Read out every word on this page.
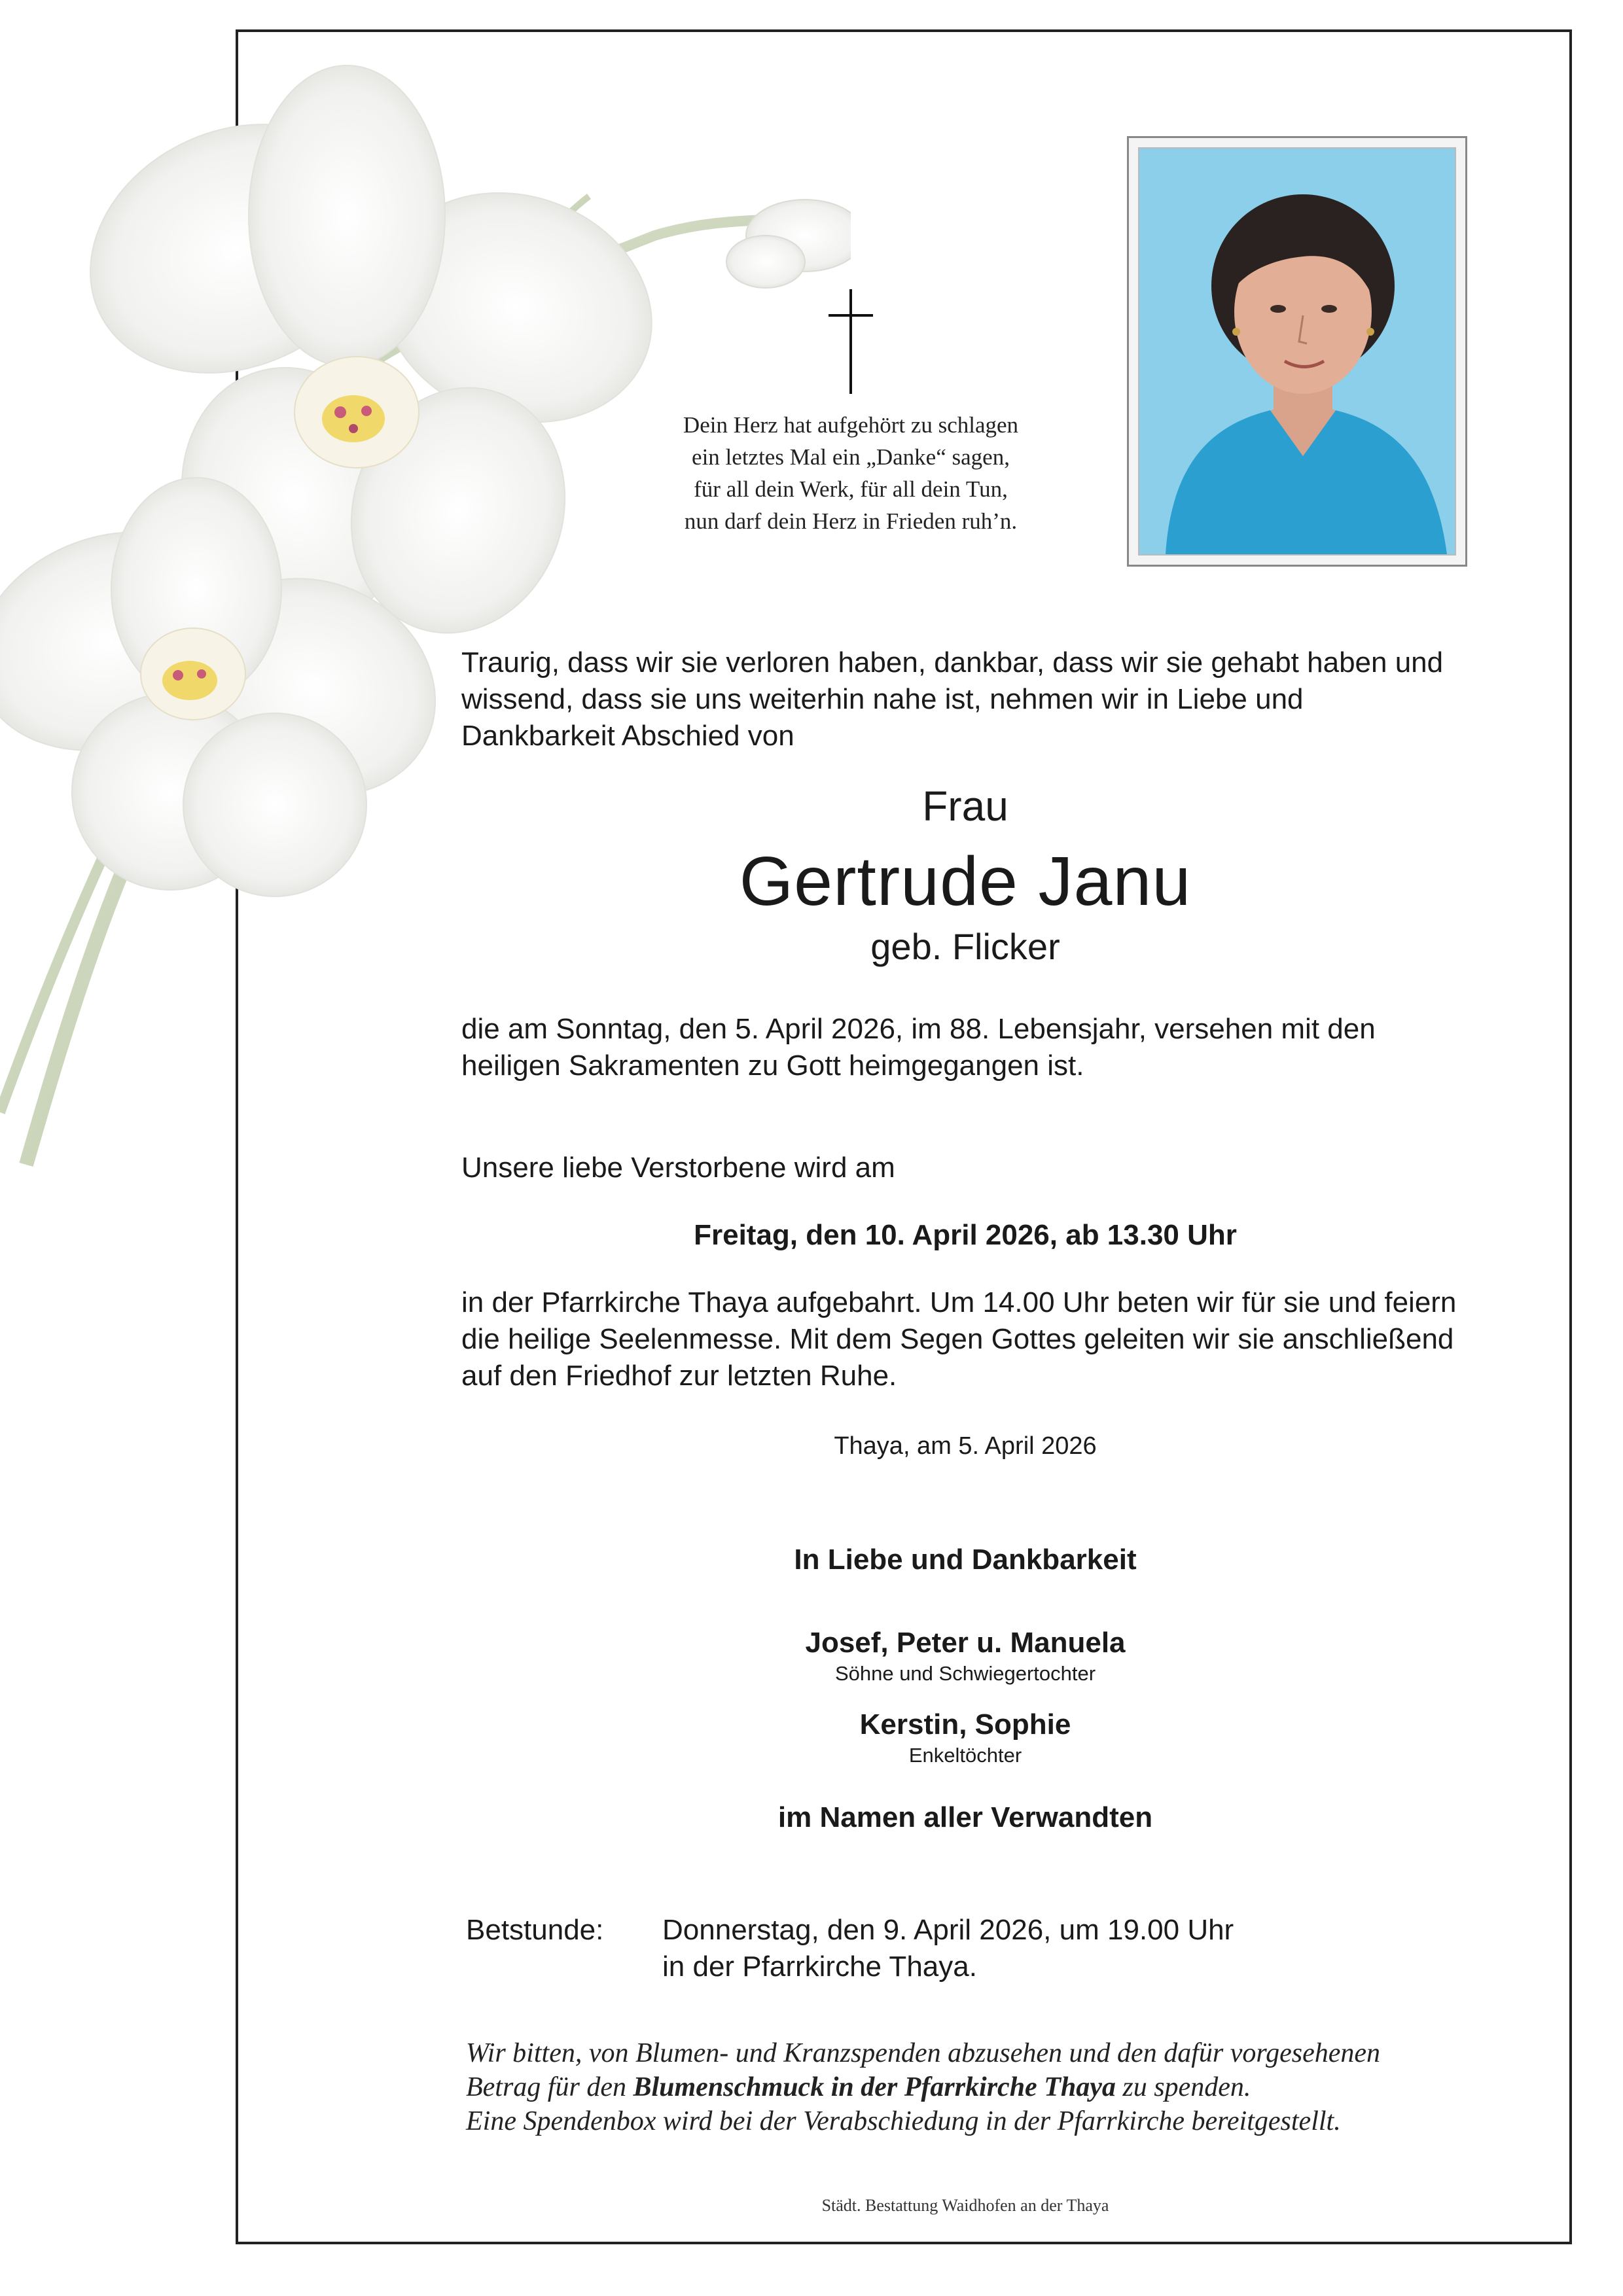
Dein Herz hat aufgehört zu schlagen
ein letztes Mal ein „Danke“ sagen,
für all dein Werk, für all dein Tun,
nun darf dein Herz in Frieden ruh’n.
Traurig, dass wir sie verloren haben, dankbar, dass wir sie gehabt haben und
wissend, dass sie uns weiterhin nahe ist, nehmen wir in Liebe und
Dankbarkeit Abschied von
Frau
Gertrude Janu
geb. Flicker
die am Sonntag, den 5. April 2026, im 88. Lebensjahr, versehen mit den
heiligen Sakramenten zu Gott heimgegangen ist.
Unsere liebe Verstorbene wird am
Freitag, den 10. April 2026, ab 13.30 Uhr
in der Pfarrkirche Thaya aufgebahrt. Um 14.00 Uhr beten wir für sie und feiern
die heilige Seelenmesse. Mit dem Segen Gottes geleiten wir sie anschließend
auf den Friedhof zur letzten Ruhe.
Thaya, am 5. April 2026
In Liebe und Dankbarkeit
Josef, Peter u. Manuela
Söhne und Schwiegertochter
Kerstin, Sophie
Enkeltöchter
im Namen aller Verwandten
Betstunde: Donnerstag, den 9. April 2026, um 19.00 Uhr
in der Pfarrkirche Thaya.
Wir bitten, von Blumen- und Kranzspenden abzusehen und den dafür vorgesehenen
Betrag für den Blumenschmuck in der Pfarrkirche Thaya zu spenden.
Eine Spendenbox wird bei der Verabschiedung in der Pfarrkirche bereitgestellt.
Städt. Bestattung Waidhofen an der Thaya
